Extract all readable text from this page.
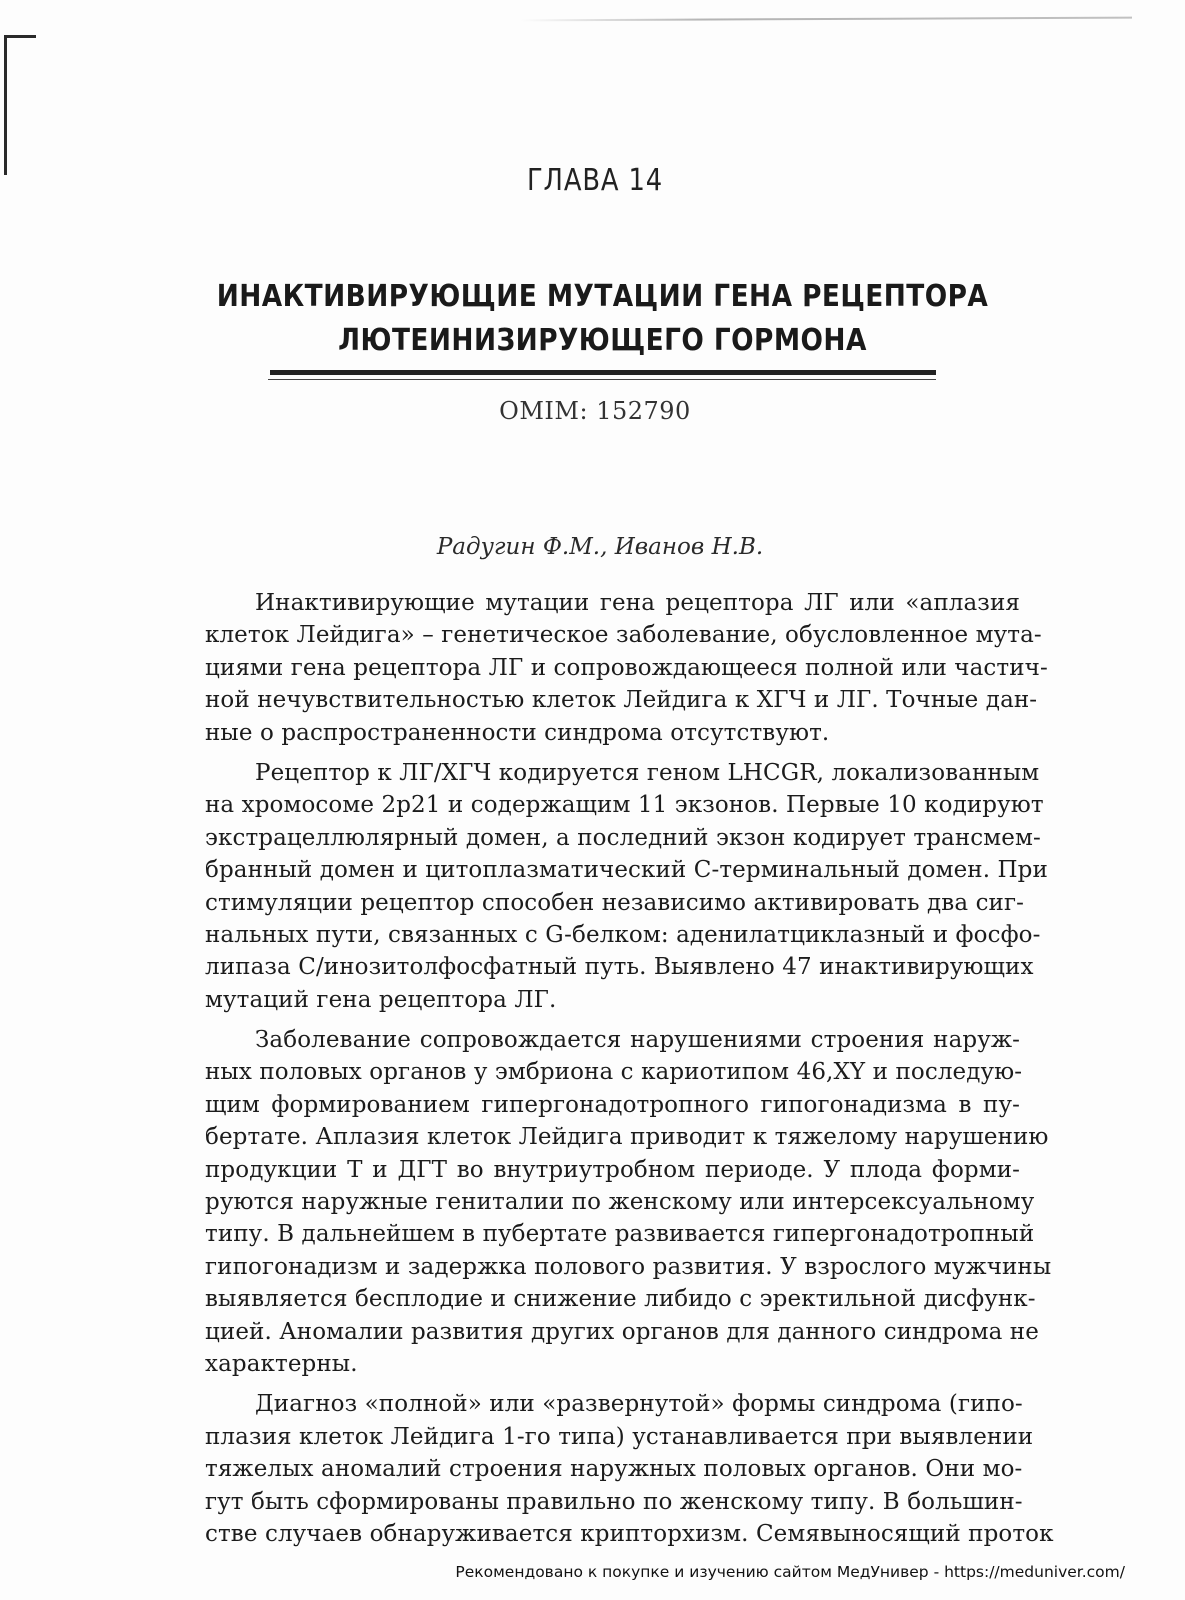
ГЛАВА 14
ИНАКТИВИРУЮЩИЕ МУТАЦИИ ГЕНА РЕЦЕПТОРА
ЛЮТЕИНИЗИРУЮЩЕГО ГОРМОНА
OMIM: 152790
Радугин Ф.М., Иванов Н.В.
Инактивирующие мутации гена рецептора ЛГ или «аплазия
клеток Лейдига» – генетическое заболевание, обусловленное мута-
циями гена рецептора ЛГ и сопровождающееся полной или частич-
ной нечувствительностью клеток Лейдига к ХГЧ и ЛГ. Точные дан-
ные о распространенности синдрома отсутствуют.
Рецептор к ЛГ/ХГЧ кодируется геном LHCGR, локализованным
на хромосоме 2р21 и содержащим 11 экзонов. Первые 10 кодируют
экстрацеллюлярный домен, а последний экзон кодирует трансмем-
бранный домен и цитоплазматический С-терминальный домен. При
стимуляции рецептор способен независимо активировать два сиг-
нальных пути, связанных с G-белком: аденилатциклазный и фосфо-
липаза С/инозитолфосфатный путь. Выявлено 47 инактивирующих
мутаций гена рецептора ЛГ.
Заболевание сопровождается нарушениями строения наруж-
ных половых органов у эмбриона с кариотипом 46,XY и последую-
щим формированием гипергонадотропного гипогонадизма в пу-
бертате. Аплазия клеток Лейдига приводит к тяжелому нарушению
продукции Т и ДГТ во внутриутробном периоде. У плода форми-
руются наружные гениталии по женскому или интерсексуальному
типу. В дальнейшем в пубертате развивается гипергонадотропный
гипогонадизм и задержка полового развития. У взрослого мужчины
выявляется бесплодие и снижение либидо с эректильной дисфунк-
цией. Аномалии развития других органов для данного синдрома не
характерны.
Диагноз «полной» или «развернутой» формы синдрома (гипо-
плазия клеток Лейдига 1-го типа) устанавливается при выявлении
тяжелых аномалий строения наружных половых органов. Они мо-
гут быть сформированы правильно по женскому типу. В большин-
стве случаев обнаруживается крипторхизм. Семявыносящий проток
Рекомендовано к покупке и изучению сайтом МедУнивер - https://meduniver.com/
